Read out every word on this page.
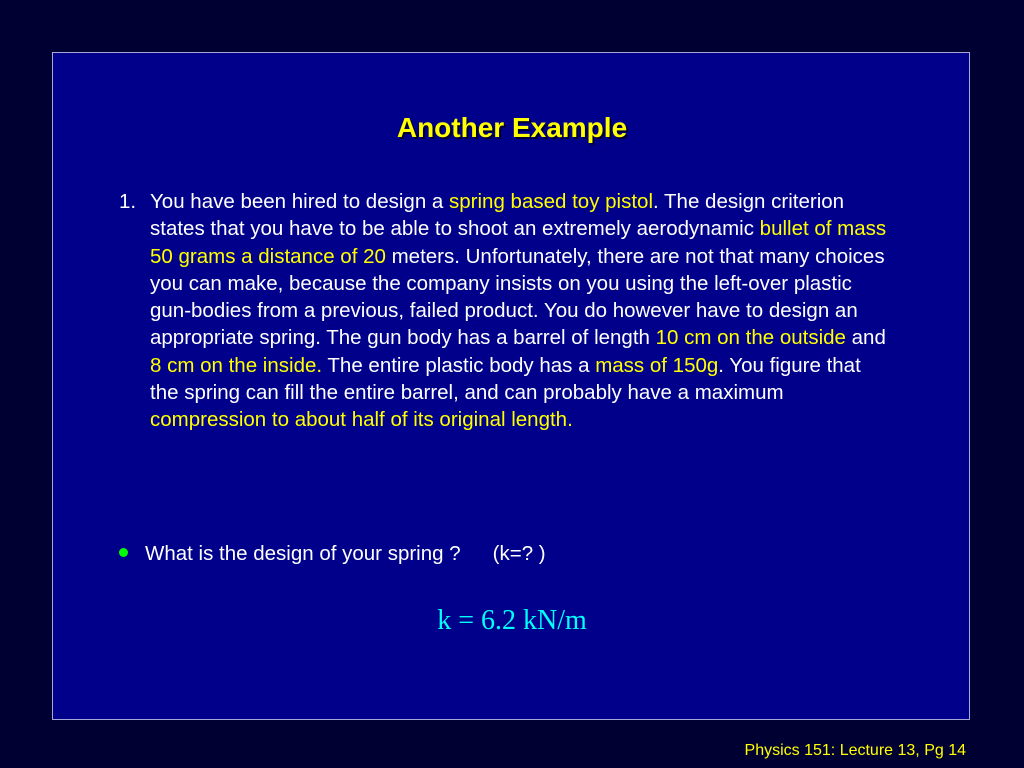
Another Example
1. You have been hired to design a spring based toy pistol. The design criterion states that you have to be able to shoot an extremely aerodynamic bullet of mass 50 grams a distance of 20 meters. Unfortunately, there are not that many choices you can make, because the company insists on you using the left-over plastic gun-bodies from a previous, failed product. You do however have to design an appropriate spring. The gun body has a barrel of length 10 cm on the outside and 8 cm on the inside. The entire plastic body has a mass of 150g. You figure that the spring can fill the entire barrel, and can probably have a maximum compression to about half of its original length.
What is the design of your spring ? (k=? )
k = 6.2 kN/m
Physics 151: Lecture 13, Pg 14
